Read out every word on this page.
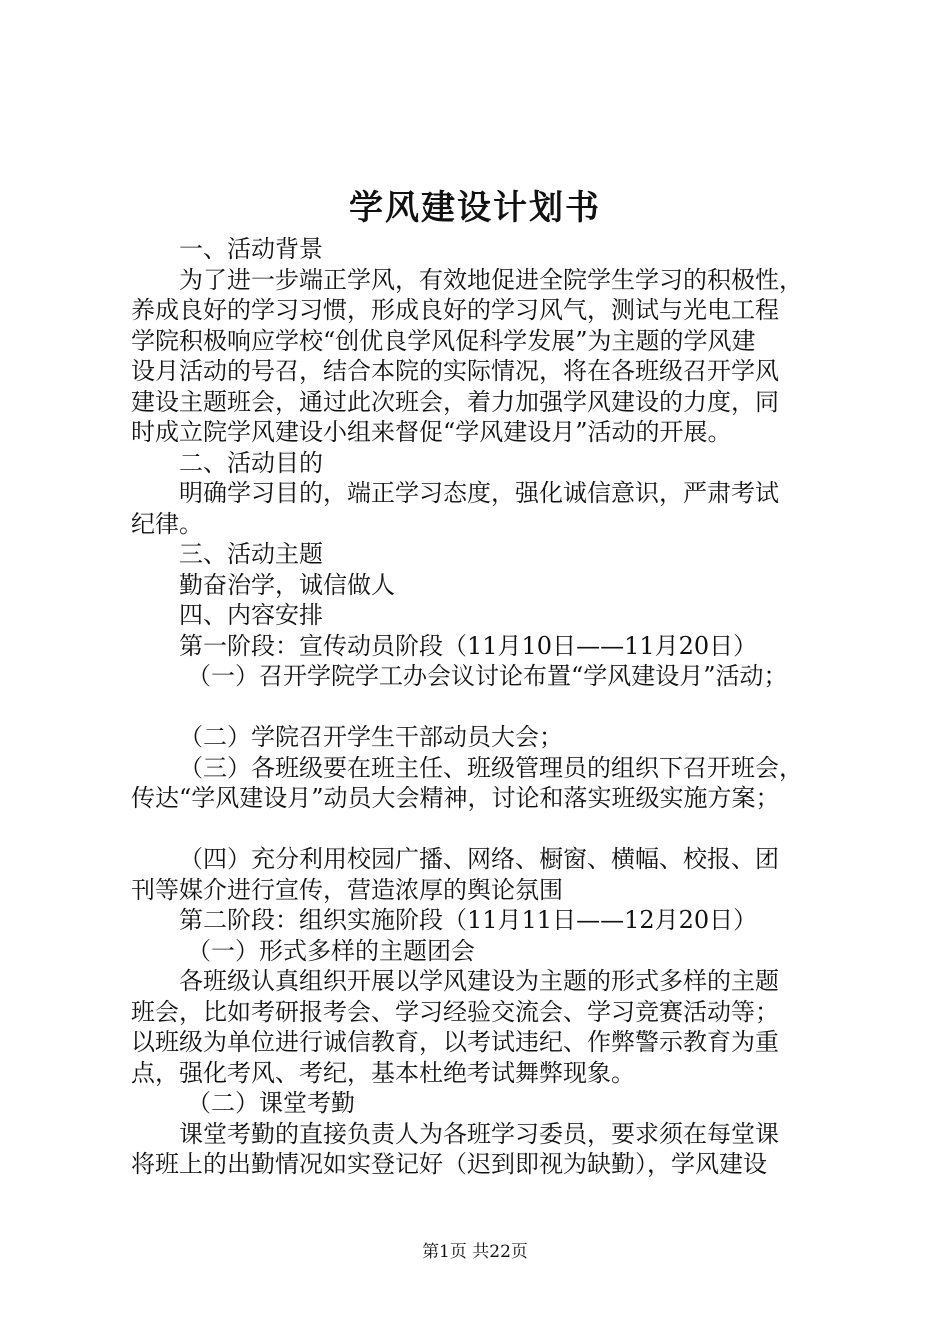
学风建设计划书

一、活动背景

为了进一步端正学风，有效地促进全院学生学习的积极性，

养成良好的学习习惯，形成良好的学习风气，测试与光电工程

学院积极响应学校“创优良学风促科学发展”为主题的学风建

设月活动的号召，结合本院的实际情况，将在各班级召开学风

建设主题班会，通过此次班会，着力加强学风建设的力度，同

时成立院学风建设小组来督促“学风建设月”活动的开展。

二、活动目的

明确学习目的，端正学习态度，强化诚信意识，严肃考试

纪律。

三、活动主题

勤奋治学，诚信做人

四、内容安排

第一阶段：宣传动员阶段（11月10日——11月20日）

（一）召开学院学工办会议讨论布置“学风建设月”活动；

（二）学院召开学生干部动员大会；

（三）各班级要在班主任、班级管理员的组织下召开班会，

传达“学风建设月”动员大会精神，讨论和落实班级实施方案；

（四）充分利用校园广播、网络、橱窗、横幅、校报、团

刊等媒介进行宣传，营造浓厚的舆论氛围

第二阶段：组织实施阶段（11月11日——12月20日）

（一）形式多样的主题团会

各班级认真组织开展以学风建设为主题的形式多样的主题

班会，比如考研报考会、学习经验交流会、学习竞赛活动等；

以班级为单位进行诚信教育，以考试违纪、作弊警示教育为重

点，强化考风、考纪，基本杜绝考试舞弊现象。

（二）课堂考勤

课堂考勤的直接负责人为各班学习委员，要求须在每堂课

将班上的出勤情况如实登记好（迟到即视为缺勤），学风建设

第1页 共22页
